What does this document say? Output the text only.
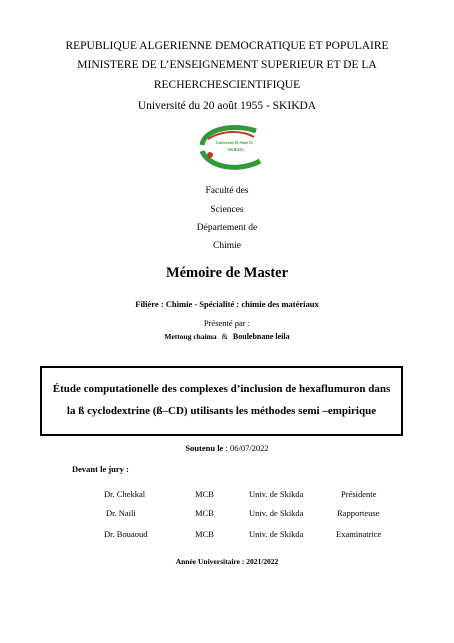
REPUBLIQUE ALGERIENNE DEMOCRATIQUE ET POPULAIRE
MINISTERE DE L’ENSEIGNEMENT SUPERIEUR ET DE LA
RECHERCHESCIENTIFIQUE
Université du 20 août 1955 - SKIKDA
Université 20 Août 55
SKIKDA
Faculté des
Sciences
Département de
Chimie
Mémoire de Master
Filière : Chimie - Spécialité : chimie des matériaux
Présenté par :
Mettoug chaima & Boulebnane leila
Étude computationelle des complexes d’inclusion de hexaflumuron dans
la ß cyclodextrine (ß–CD) utilisants les méthodes semi –empirique
Soutenu le : 06/07/2022
Devant le jury :
Dr. Chekkal	MCB	Univ. de Skikda	Présidente
Dr. Naili	MCB	Univ. de Skikda	Rapporteuse
Dr. Bouaoud	MCB	Univ. de Skikda	Examinatrice
Année Universitaire : 2021/2022
